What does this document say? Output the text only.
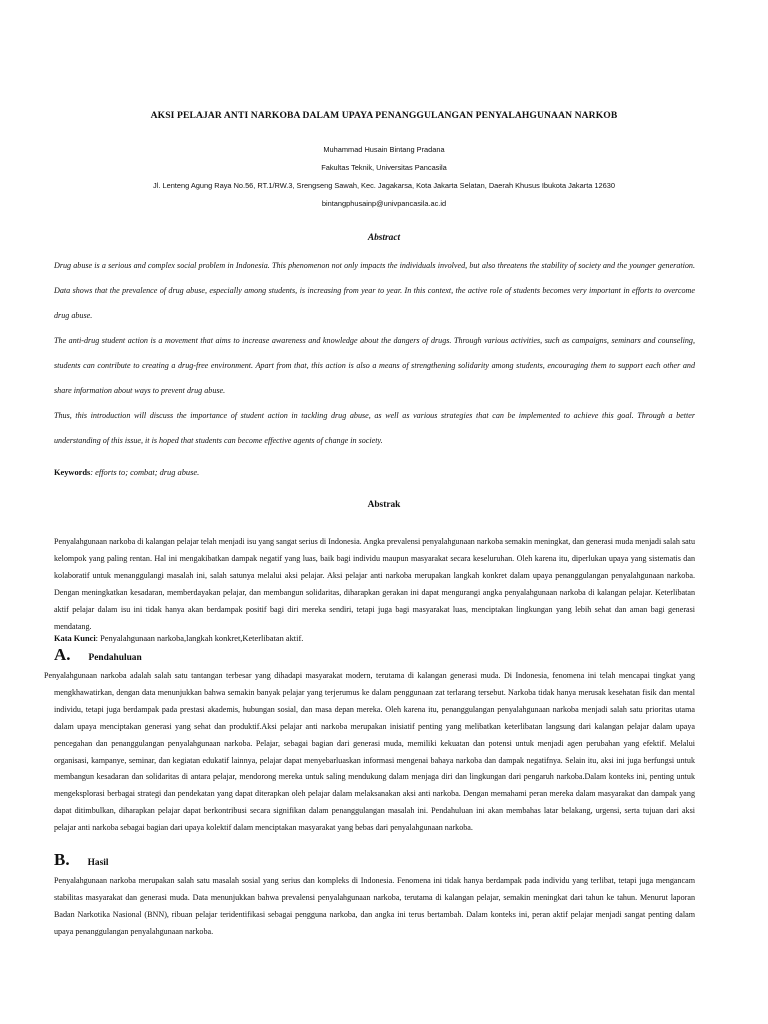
AKSI PELAJAR ANTI NARKOBA DALAM UPAYA PENANGGULANGAN PENYALAHGUNAAN NARKOB
Muhammad Husain Bintang Pradana
Fakultas Teknik, Universitas Pancasila
Jl. Lenteng Agung Raya No.56, RT.1/RW.3, Srengseng Sawah, Kec. Jagakarsa, Kota Jakarta Selatan, Daerah Khusus Ibukota Jakarta 12630
bintangphusainp@univpancasila.ac.id
Abstract

Drug abuse is a serious and complex social problem in Indonesia. This phenomenon not only impacts the individuals involved, but also threatens the stability of society and the younger generation. Data shows that the prevalence of drug abuse, especially among students, is increasing from year to year. In this context, the active role of students becomes very important in efforts to overcome drug abuse.

The anti-drug student action is a movement that aims to increase awareness and knowledge about the dangers of drugs. Through various activities, such as campaigns, seminars and counseling, students can contribute to creating a drug-free environment. Apart from that, this action is also a means of strengthening solidarity among students, encouraging them to support each other and share information about ways to prevent drug abuse.

Thus, this introduction will discuss the importance of student action in tackling drug abuse, as well as various strategies that can be implemented to achieve this goal. Through a better understanding of this issue, it is hoped that students can become effective agents of change in society.

Keywords: efforts to; combat; drug abuse.
Abstrak
Penyalahgunaan narkoba di kalangan pelajar telah menjadi isu yang sangat serius di Indonesia. Angka prevalensi penyalahgunaan narkoba semakin meningkat, dan generasi muda menjadi salah satu kelompok yang paling rentan. Hal ini mengakibatkan dampak negatif yang luas, baik bagi individu maupun masyarakat secara keseluruhan. Oleh karena itu, diperlukan upaya yang sistematis dan kolaboratif untuk menanggulangi masalah ini, salah satunya melalui aksi pelajar. Aksi pelajar anti narkoba merupakan langkah konkret dalam upaya penanggulangan penyalahgunaan narkoba. Dengan meningkatkan kesadaran, memberdayakan pelajar, dan membangun solidaritas, diharapkan gerakan ini dapat mengurangi angka penyalahgunaan narkoba di kalangan pelajar. Keterlibatan aktif pelajar dalam isu ini tidak hanya akan berdampak positif bagi diri mereka sendiri, tetapi juga bagi masyarakat luas, menciptakan lingkungan yang lebih sehat dan aman bagi generasi mendatang.
Kata Kunci: Penyalahgunaan narkoba,langkah konkret,Keterlibatan aktif.
A. Pendahuluan

Penyalahgunaan narkoba adalah salah satu tantangan terbesar yang dihadapi masyarakat modern, terutama di kalangan generasi muda. Di Indonesia, fenomena ini telah mencapai tingkat yang mengkhawatirkan, dengan data menunjukkan bahwa semakin banyak pelajar yang terjerumus ke dalam penggunaan zat terlarang tersebut. Narkoba tidak hanya merusak kesehatan fisik dan mental individu, tetapi juga berdampak pada prestasi akademis, hubungan sosial, dan masa depan mereka. Oleh karena itu, penanggulangan penyalahgunaan narkoba menjadi salah satu prioritas utama dalam upaya menciptakan generasi yang sehat dan produktif.Aksi pelajar anti narkoba merupakan inisiatif penting yang melibatkan keterlibatan langsung dari kalangan pelajar dalam upaya pencegahan dan penanggulangan penyalahgunaan narkoba. Pelajar, sebagai bagian dari generasi muda, memiliki kekuatan dan potensi untuk menjadi agen perubahan yang efektif. Melalui organisasi, kampanye, seminar, dan kegiatan edukatif lainnya, pelajar dapat menyebarluaskan informasi mengenai bahaya narkoba dan dampak negatifnya. Selain itu, aksi ini juga berfungsi untuk membangun kesadaran dan solidaritas di antara pelajar, mendorong mereka untuk saling mendukung dalam menjaga diri dan lingkungan dari pengaruh narkoba.Dalam konteks ini, penting untuk mengeksplorasi berbagai strategi dan pendekatan yang dapat diterapkan oleh pelajar dalam melaksanakan aksi anti narkoba. Dengan memahami peran mereka dalam masyarakat dan dampak yang dapat ditimbulkan, diharapkan pelajar dapat berkontribusi secara signifikan dalam penanggulangan masalah ini. Pendahuluan ini akan membahas latar belakang, urgensi, serta tujuan dari aksi pelajar anti narkoba sebagai bagian dari upaya kolektif dalam menciptakan masyarakat yang bebas dari penyalahgunaan narkoba.

B. Hasil

Penyalahgunaan narkoba merupakan salah satu masalah sosial yang serius dan kompleks di Indonesia. Fenomena ini tidak hanya berdampak pada individu yang terlibat, tetapi juga mengancam stabilitas masyarakat dan generasi muda. Data menunjukkan bahwa prevalensi penyalahgunaan narkoba, terutama di kalangan pelajar, semakin meningkat dari tahun ke tahun. Menurut laporan Badan Narkotika Nasional (BNN), ribuan pelajar teridentifikasi sebagai pengguna narkoba, dan angka ini terus bertambah. Dalam konteks ini, peran aktif pelajar menjadi sangat penting dalam upaya penanggulangan penyalahgunaan narkoba.
